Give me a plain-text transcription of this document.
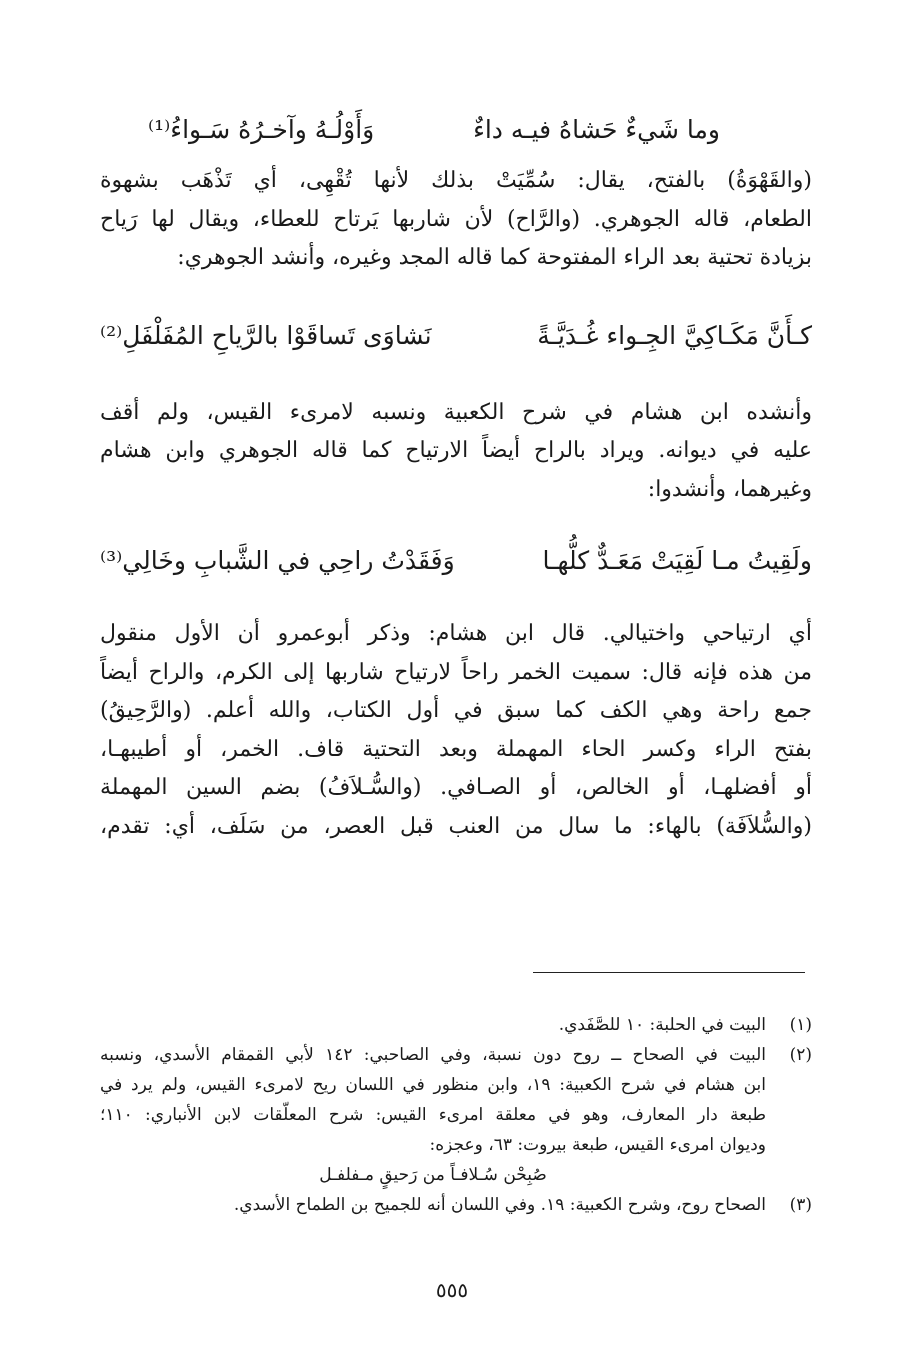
وما شَيءٌ حَشاهُ فيـه داءٌ
وَأَوْلُـهُ وآخـرُهُ سَـواءُ⁽¹⁾
(والقَهْوَةُ) بالفتح، يقال: سُمِّيَتْ بذلك لأنها تُقْهِى، أي تَذْهَب بشهوة
الطعام، قاله الجوهري. (والرَّاح) لأن شاربها يَرتاح للعطاء، ويقال لها رَياح
بزيادة تحتية بعد الراء المفتوحة كما قاله المجد وغيره، وأنشد الجوهري:
كـأَنَّ مَكَـاكِيَّ الجِـواء غُـدَيَّـةً
نَشاوَى تَساقَوْا بالرَّياحِ المُفَلْفَلِ⁽²⁾
وأنشده ابن هشام في شرح الكعبية ونسبه لامرىء القيس، ولم أقف
عليه في ديوانه. ويراد بالراح أيضاً الارتياح كما قاله الجوهري وابن هشام
وغيرهما، وأنشدوا:
ولَقِيتُ مـا لَقِيَتْ مَعَـدٌّ كلُّهـا
وَفَقَدْتُ راحِي في الشَّبابِ وخَالِي⁽³⁾
أي ارتياحي واختيالي. قال ابن هشام: وذكر أبوعمرو أن الأول منقول
من هذه فإنه قال: سميت الخمر راحاً لارتياح شاربها إلى الكرم، والراح أيضاً
جمع راحة وهي الكف كما سبق في أول الكتاب، والله أعلم. (والرَّحِيقُ)
بفتح الراء وكسر الحاء المهملة وبعد التحتية قاف. الخمر، أو أطيبهـا،
أو أفضلهـا، أو الخالص، أو الصـافي. (والسُّـلاَفُ) بضم السين المهملة
(والسُّلاَفَة) بالهاء: ما سال من العنب قبل العصر، من سَلَف، أي: تقدم،
(١)
البيت في الحلبة: ١٠ للصَّفَدي.
(٢)
البيت في الصحاح ــ روح دون نسبة، وفي الصاحبي: ١٤٢ لأبي القمقام الأسدي، ونسبه
ابن هشام في شرح الكعبية: ١٩، وابن منظور في اللسان ريح لامرىء القيس، ولم يرد في
طبعة دار المعارف، وهو في معلقة امرىء القيس: شرح المعلّقات لابن الأنباري: ١١٠؛
وديوان امرىء القيس، طبعة بيروت: ٦٣، وعجزه:
صُبِحْن سُـلافـاً من رَحيقٍ مـفلفـل
(٣)
الصحاح روح، وشرح الكعبية: ١٩. وفي اللسان أنه للجميح بن الطماح الأسدي.
٥٥٥
